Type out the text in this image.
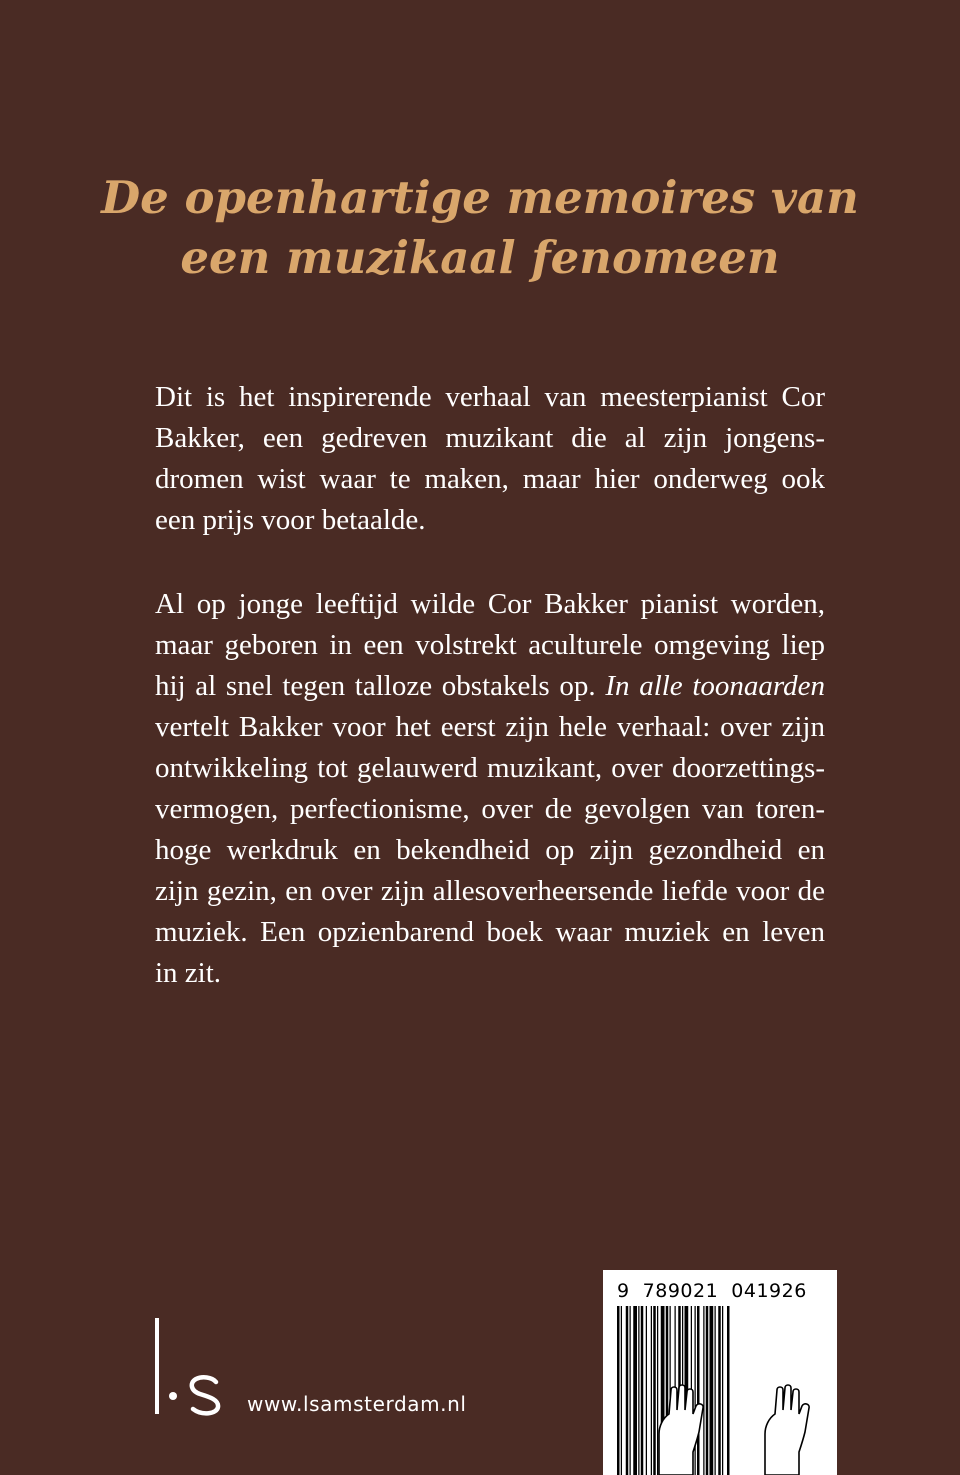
De openhartige memoires van
een muzikaal fenomeen

Dit is het inspirerende verhaal van meesterpianist Cor
Bakker, een gedreven muzikant die al zijn jongens-
dromen wist waar te maken, maar hier onderweg ook
een prijs voor betaalde.

Al op jonge leeftijd wilde Cor Bakker pianist worden,
maar geboren in een volstrekt aculturele omgeving liep
hij al snel tegen talloze obstakels op. In alle toonaarden
vertelt Bakker voor het eerst zijn hele verhaal: over zijn
ontwikkeling tot gelauwerd muzikant, over doorzettings-
vermogen, perfectionisme, over de gevolgen van toren-
hoge werkdruk en bekendheid op zijn gezondheid en
zijn gezin, en over zijn allesoverheersende liefde voor de
muziek. Een opzienbarend boek waar muziek en leven
in zit.

www.lsamsterdam.nl
9  789021  041926
